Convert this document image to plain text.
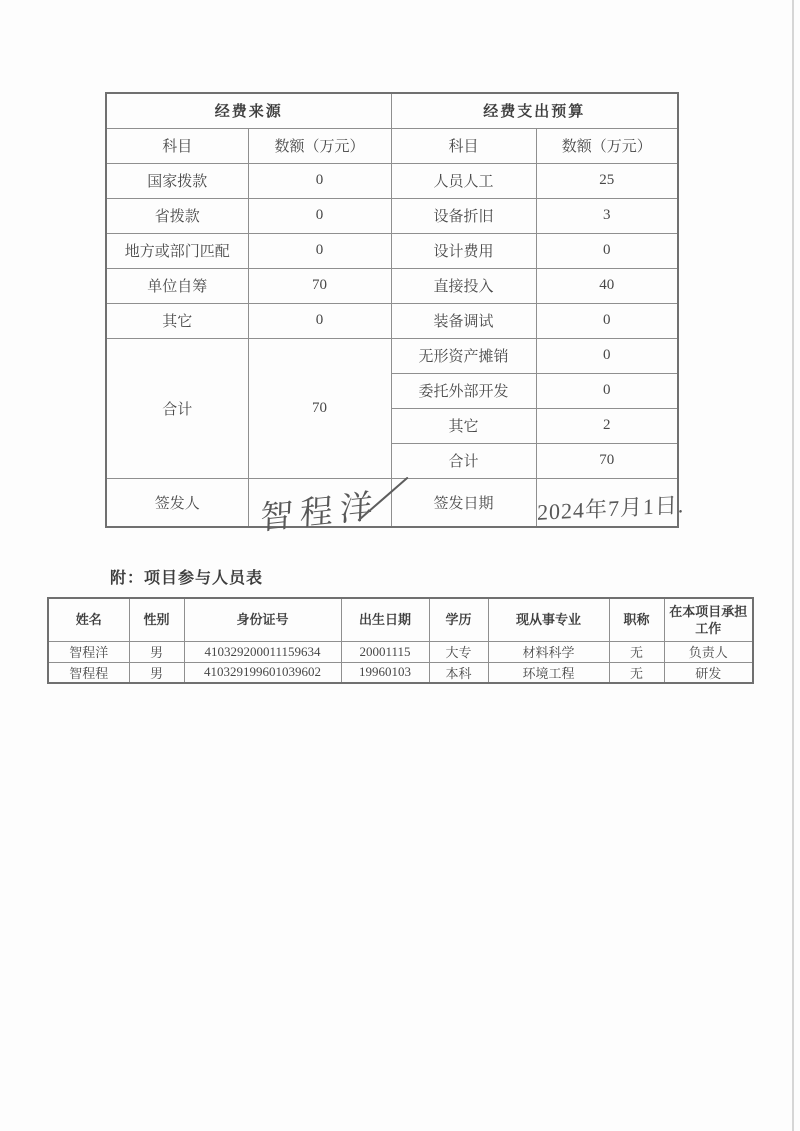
经费来源		经费支出预算	
科目	数额（万元）	科目	数额（万元）
国家拨款	0	人员人工	25
省拨款	0	设备折旧	3
地方或部门匹配	0	设计费用	0
单位自筹	70	直接投入	40
其它	0	装备调试	0
合计	70	无形资产摊销	0
		委托外部开发	0
		其它	2
		合计	70
签发人	智程洋	签发日期	2024年7月1日.
附：项目参与人员表
姓名	性别	身份证号	出生日期	学历	现从事专业	职称	在本项目承担工作
智程洋	男	410329200011159634	20001115	大专	材料科学	无	负责人
智程程	男	410329199601039602	19960103	本科	环境工程	无	研发
